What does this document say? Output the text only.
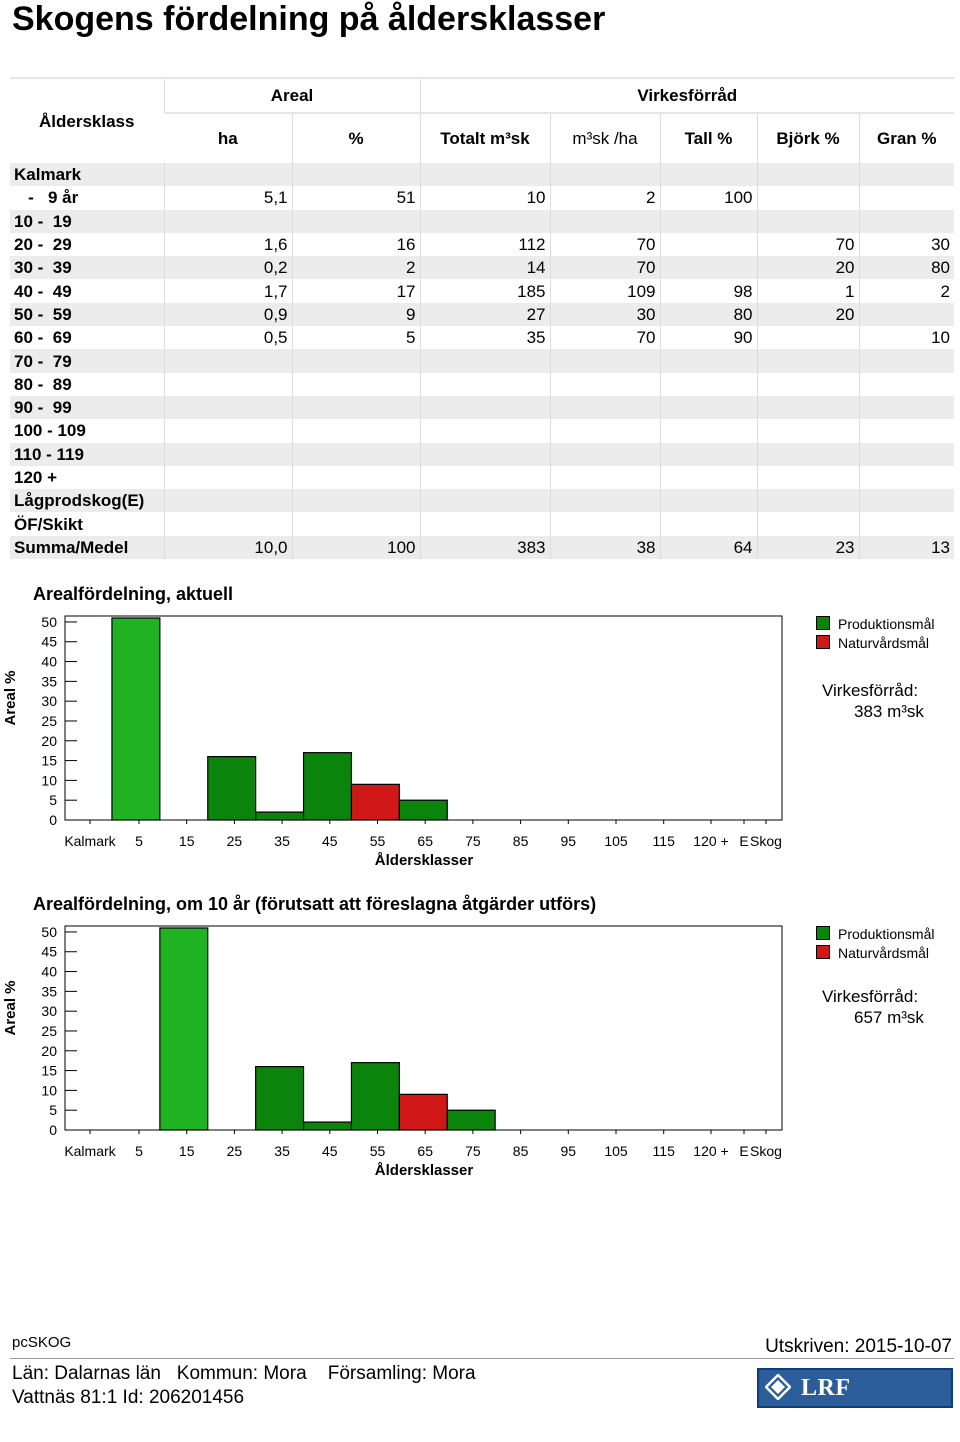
Skogens fördelning på åldersklasser
Åldersklass	Areal		Virkesförråd				
	ha	%	Totalt m³sk	m³sk /ha	Tall %	Björk %	Gran %
Kalmark							
-   9 år	5,1	51	10	2	100		
10 -  19							
20 -  29	1,6	16	112	70		70	30
30 -  39	0,2	2	14	70		20	80
40 -  49	1,7	17	185	109	98	1	2
50 -  59	0,9	9	27	30	80	20	
60 -  69	0,5	5	35	70	90		10
70 -  79							
80 -  89							
90 -  99							
100 - 109							
110 - 119							
120 +							
Lågprodskog(E)							
ÖF/Skikt							
Summa/Medel	10,0	100	383	38	64	23	13
Arealfördelning, aktuell
0
5
10
15
20
25
30
35
40
45
50
Kalmark 5	15 25 35 45 55 65 75 85 95 105 115 120 + E Skog
Åldersklasser
Areal %
Produktionsmål
Naturvårdsmål
Virkesförråd:
383 m³sk
Arealfördelning, om 10 år (förutsatt att föreslagna åtgärder utförs)
0
5
10
15
20
25
30
35
40
45
50
Kalmark 5	15 25 35 45 55 65 75 85 95 105 115 120 + E Skog
Åldersklasser
Areal %
Produktionsmål
Naturvårdsmål
Virkesförråd:
657 m³sk
pcSKOG	Utskriven: 2015-10-07
Län: Dalarnas län   Kommun: Mora    Församling: Mora
Vattnäs 81:1 Id: 206201456	LRF KONSULT
